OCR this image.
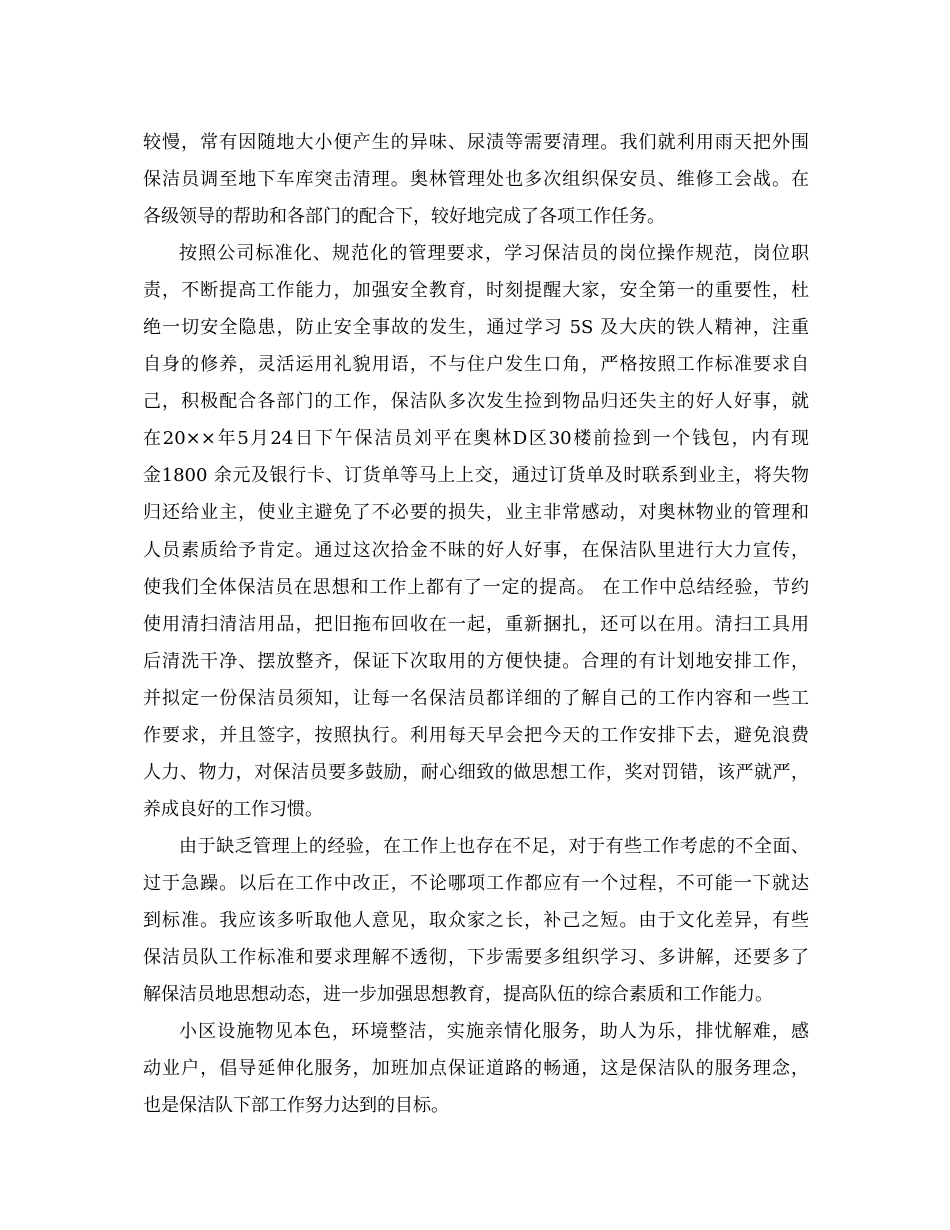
较慢，常有因随地大小便产生的异味、尿渍等需要清理。我们就利用雨天把外围
保洁员调至地下车库突击清理。奥林管理处也多次组织保安员、维修工会战。在
各级领导的帮助和各部门的配合下，较好地完成了各项工作任务。
按照公司标准化、规范化的管理要求，学习保洁员的岗位操作规范，岗位职
责，不断提高工作能力，加强安全教育，时刻提醒大家，安全第一的重要性，杜
绝一切安全隐患，防止安全事故的发生，通过学习 5S 及大庆的铁人精神，注重
自身的修养，灵活运用礼貌用语，不与住户发生口角，严格按照工作标准要求自
己，积极配合各部门的工作，保洁队多次发生捡到物品归还失主的好人好事，就
在20××年5月24日下午保洁员刘平在奥林D区30楼前捡到一个钱包，内有现
金1800 余元及银行卡、订货单等马上上交，通过订货单及时联系到业主，将失物
归还给业主，使业主避免了不必要的损失，业主非常感动，对奥林物业的管理和
人员素质给予肯定。通过这次拾金不昧的好人好事，在保洁队里进行大力宣传，
使我们全体保洁员在思想和工作上都有了一定的提高。 在工作中总结经验，节约
使用清扫清洁用品，把旧拖布回收在一起，重新捆扎，还可以在用。清扫工具用
后清洗干净、摆放整齐，保证下次取用的方便快捷。合理的有计划地安排工作，
并拟定一份保洁员须知，让每一名保洁员都详细的了解自己的工作内容和一些工
作要求，并且签字，按照执行。利用每天早会把今天的工作安排下去，避免浪费
人力、物力，对保洁员要多鼓励，耐心细致的做思想工作，奖对罚错，该严就严，
养成良好的工作习惯。
由于缺乏管理上的经验，在工作上也存在不足，对于有些工作考虑的不全面、
过于急躁。以后在工作中改正，不论哪项工作都应有一个过程，不可能一下就达
到标准。我应该多听取他人意见，取众家之长，补己之短。由于文化差异，有些
保洁员队工作标准和要求理解不透彻，下步需要多组织学习、多讲解，还要多了
解保洁员地思想动态，进一步加强思想教育，提高队伍的综合素质和工作能力。
小区设施物见本色，环境整洁，实施亲情化服务，助人为乐，排忧解难，感
动业户，倡导延伸化服务，加班加点保证道路的畅通，这是保洁队的服务理念，
也是保洁队下部工作努力达到的目标。
